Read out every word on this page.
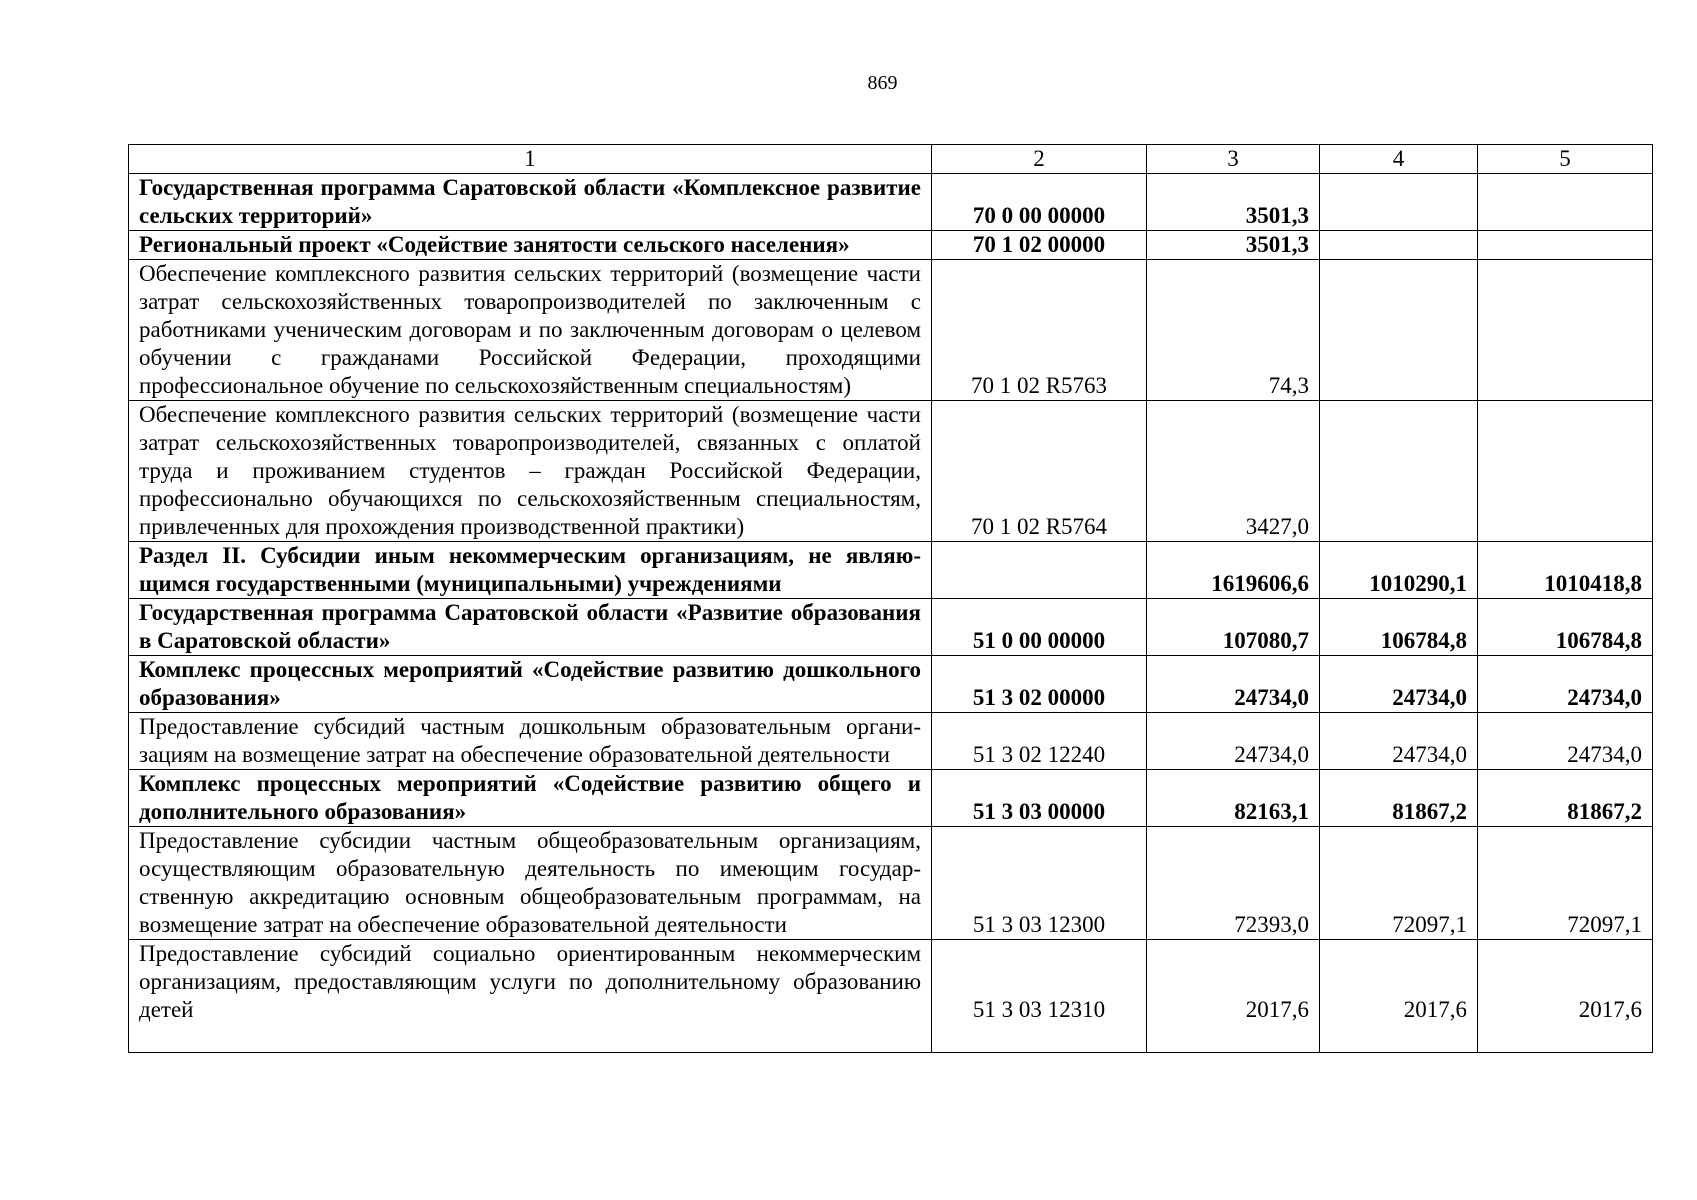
869
1	2	3	4	5
Государственная программа Саратовской области «Комплексное развитие сельских территорий»	70 0 00 00000	3501,3		
Региональный проект «Содействие занятости сельского населения»	70 1 02 00000	3501,3		
Обеспечение комплексного развития сельских территорий (возмещение части затрат сельскохозяйственных товаропроизводителей по заключенным с работниками ученическим договорам и по заключенным договорам о целевом обучении с гражданами Российской Федерации, проходящими профессиональное обучение по сельскохозяйственным специальностям)	70 1 02 R5763	74,3		
Обеспечение комплексного развития сельских территорий (возмещение части затрат сельскохозяйственных товаропроизводителей, связанных с оплатой труда и проживанием студентов – граждан Российской Федерации, профессионально обучающихся по сельскохозяйственным специальностям, привлеченных для прохождения производственной практики)	70 1 02 R5764	3427,0		
Раздел II. Субсидии иным некоммерческим организациям, не являющимся государственными (муниципальными) учреждениями		1619606,6	1010290,1	1010418,8
Государственная программа Саратовской области «Развитие образования в Саратовской области»	51 0 00 00000	107080,7	106784,8	106784,8
Комплекс процессных мероприятий «Содействие развитию дошкольного образования»	51 3 02 00000	24734,0	24734,0	24734,0
Предоставление субсидий частным дошкольным образовательным организациям на возмещение затрат на обеспечение образовательной деятельности	51 3 02 12240	24734,0	24734,0	24734,0
Комплекс процессных мероприятий «Содействие развитию общего и дополнительного образования»	51 3 03 00000	82163,1	81867,2	81867,2
Предоставление субсидии частным общеобразовательным организациям, осуществляющим образовательную деятельность по имеющим государственную аккредитацию основным общеобразовательным программам, на возмещение затрат на обеспечение образовательной деятельности	51 3 03 12300	72393,0	72097,1	72097,1
Предоставление субсидий социально ориентированным некоммерческим организациям, предоставляющим услуги по дополнительному образованию детей	51 3 03 12310	2017,6	2017,6	2017,6
